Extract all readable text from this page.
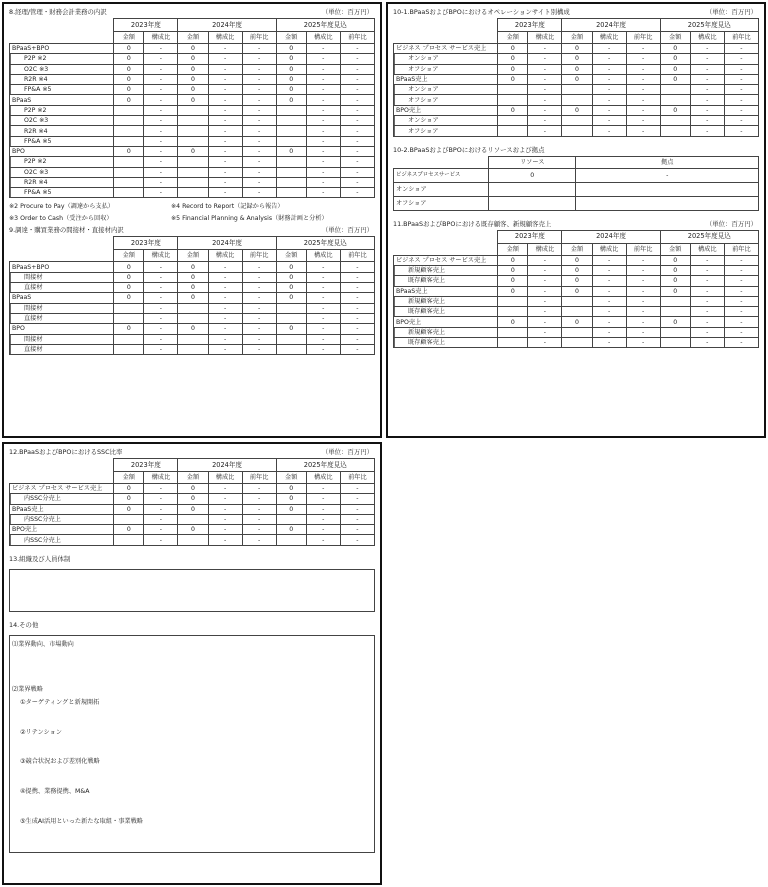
8.経理/管理・財務会計業務の内訳	（単位：百万円）
	2023年度		2024年度			2025年度見込		
	金額	構成比	金額	構成比	前年比	金額	構成比	前年比
BPaaS+BPO	0	-	0	-	-	0	-	-
P2P ※2	0	-	0	-	-	0	-	-
O2C ※3	0	-	0	-	-	0	-	-
R2R ※4	0	-	0	-	-	0	-	-
FP&A ※5	0	-	0	-	-	0	-	-
BPaaS	0	-	0	-	-	0	-	-
P2P ※2		-		-	-		-	-
O2C ※3		-		-	-		-	-
R2R ※4		-		-	-		-	-
FP&A ※5		-		-	-		-	-
BPO	0	-	0	-	-	0	-	-
P2P ※2		-		-	-		-	-
O2C ※3		-		-	-		-	-
R2R ※4		-		-	-		-	-
FP&A ※5		-		-	-		-	-
※2 Procure to Pay（調達から支払）	※4 Record to Report（記録から報告）
※3 Order to Cash（受注から回収）	※5 Financial Planning & Analysis（財務計画と分析）
9.調達・購買業務の間接材・直接材内訳	（単位：百万円）
	2023年度		2024年度			2025年度見込		
	金額	構成比	金額	構成比	前年比	金額	構成比	前年比
BPaaS+BPO	0	-	0	-	-	0	-	-
間接材	0	-	0	-	-	0	-	-
直接材	0	-	0	-	-	0	-	-
BPaaS	0	-	0	-	-	0	-	-
間接材		-		-	-		-	-
直接材		-		-	-		-	-
BPO	0	-	0	-	-	0	-	-
間接材		-		-	-		-	-
直接材		-		-	-		-	-
10-1.BPaaSおよびBPOにおけるオペレーションサイト別構成	（単位：百万円）
	2023年度		2024年度			2025年度見込		
	金額	構成比	金額	構成比	前年比	金額	構成比	前年比
ビジネス プロセス サービス売上	0	-	0	-	-	0	-	-
オンショア	0	-	0	-	-	0	-	-
オフショア	0	-	0	-	-	0	-	-
BPaaS売上	0	-	0	-	-	0	-	-
オンショア		-		-	-		-	-
オフショア		-		-	-		-	-
BPO売上	0	-	0	-	-	0	-	-
オンショア		-		-	-		-	-
オフショア		-		-	-		-	-
10-2.BPaaSおよびBPOにおけるリソースおよび拠点
	リソース	拠点
ビジネスプロセスサービス	0	-
オンショア		
オフショア		
11.BPaaSおよびBPOにおける既存顧客、新規顧客売上	（単位：百万円）
	2023年度		2024年度			2025年度見込		
	金額	構成比	金額	構成比	前年比	金額	構成比	前年比
ビジネス プロセス サービス売上	0	-	0	-	-	0	-	-
新規顧客売上	0	-	0	-	-	0	-	-
既存顧客売上	0	-	0	-	-	0	-	-
BPaaS売上	0	-	0	-	-	0	-	-
新規顧客売上		-		-	-		-	-
既存顧客売上		-		-	-		-	-
BPO売上	0	-	0	-	-	0	-	-
新規顧客売上		-		-	-		-	-
既存顧客売上		-		-	-		-	-
12.BPaaSおよびBPOにおけるSSC比率	（単位：百万円）
	2023年度		2024年度			2025年度見込		
	金額	構成比	金額	構成比	前年比	金額	構成比	前年比
ビジネス プロセス サービス売上	0	-	0	-	-	0	-	-
内SSC分売上	0	-	0	-	-	0	-	-
BPaaS売上	0	-	0	-	-	0	-	-
内SSC分売上		-		-	-		-	-
BPO売上	0	-	0	-	-	0	-	-
内SSC分売上		-		-	-		-	-
13.組織及び人員体制
14.その他
⑴業界動向、市場動向
⑵業界戦略
①ターゲティングと新規開拓
②リテンション
③競合状況および差別化戦略
④提携、業務提携、M&A
⑤生成AI活用といった新たな取組・事業戦略
